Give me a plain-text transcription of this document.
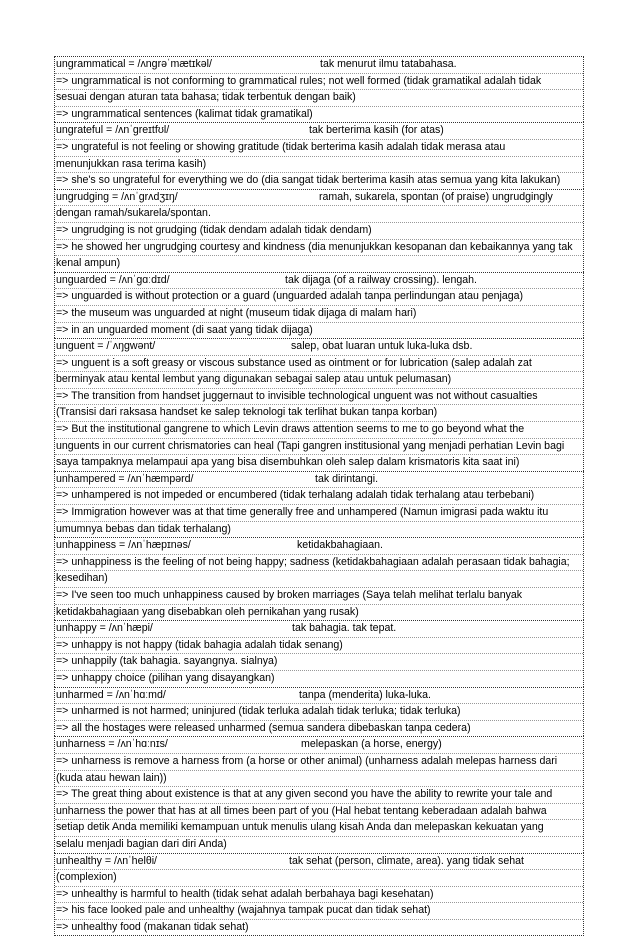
ungrammatical = /ʌnɡrəˈmætɪkəl/	tak menurut ilmu tatabahasa.
=> ungrammatical is not conforming to grammatical rules; not well formed (tidak gramatikal adalah tidak
sesuai dengan aturan tata bahasa; tidak terbentuk dengan baik)
=> ungrammatical sentences (kalimat tidak gramatikal)
ungrateful = /ʌnˈɡreɪtfʊl/	tak berterima kasih (for atas)
=> ungrateful is not feeling or showing gratitude (tidak berterima kasih adalah tidak merasa atau
menunjukkan rasa terima kasih)
=> she's so ungrateful for everything we do (dia sangat tidak berterima kasih atas semua yang kita lakukan)
ungrudging = /ʌnˈɡrʌdʒɪŋ/	ramah, sukarela, spontan (of praise) ungrudgingly
dengan ramah/sukarela/spontan.
=> ungrudging is not grudging (tidak dendam adalah tidak dendam)
=> he showed her ungrudging courtesy and kindness (dia menunjukkan kesopanan dan kebaikannya yang tak
kenal ampun)
unguarded = /ʌnˈɡɑːdɪd/	tak dijaga (of a railway crossing). lengah.
=> unguarded is without protection or a guard (unguarded adalah tanpa perlindungan atau penjaga)
=> the museum was unguarded at night (museum tidak dijaga di malam hari)
=> in an unguarded moment (di saat yang tidak dijaga)
unguent = /ˈʌŋɡwənt/	salep, obat luaran untuk luka-luka dsb.
=> unguent is a soft greasy or viscous substance used as ointment or for lubrication (salep adalah zat
berminyak atau kental lembut yang digunakan sebagai salep atau untuk pelumasan)
=> The transition from handset juggernaut to invisible technological unguent was not without casualties
(Transisi dari raksasa handset ke salep teknologi tak terlihat bukan tanpa korban)
=> But the institutional gangrene to which Levin draws attention seems to me to go beyond what the
unguents in our current chrismatories can heal (Tapi gangren institusional yang menjadi perhatian Levin bagi
saya tampaknya melampaui apa yang bisa disembuhkan oleh salep dalam krismatoris kita saat ini)
unhampered = /ʌnˈhæmpərd/	tak dirintangi.
=> unhampered is not impeded or encumbered (tidak terhalang adalah tidak terhalang atau terbebani)
=> Immigration however was at that time generally free and unhampered (Namun imigrasi pada waktu itu
umumnya bebas dan tidak terhalang)
unhappiness = /ʌnˈhæpɪnəs/	ketidakbahagiaan.
=> unhappiness is the feeling of not being happy; sadness (ketidakbahagiaan adalah perasaan tidak bahagia;
kesedihan)
=> I've seen too much unhappiness caused by broken marriages (Saya telah melihat terlalu banyak
ketidakbahagiaan yang disebabkan oleh pernikahan yang rusak)
unhappy = /ʌnˈhæpi/	tak bahagia. tak tepat.
=> unhappy is not happy (tidak bahagia adalah tidak senang)
=> unhappily (tak bahagia. sayangnya. sialnya)
=> unhappy choice (pilihan yang disayangkan)
unharmed = /ʌnˈhɑːmd/	tanpa (menderita) luka-luka.
=> unharmed is not harmed; uninjured (tidak terluka adalah tidak terluka; tidak terluka)
=> all the hostages were released unharmed (semua sandera dibebaskan tanpa cedera)
unharness = /ʌnˈhɑːnɪs/	melepaskan (a horse, energy)
=> unharness is remove a harness from (a horse or other animal) (unharness adalah melepas harness dari
(kuda atau hewan lain))
=> The great thing about existence is that at any given second you have the ability to rewrite your tale and
unharness the power that has at all times been part of you (Hal hebat tentang keberadaan adalah bahwa
setiap detik Anda memiliki kemampuan untuk menulis ulang kisah Anda dan melepaskan kekuatan yang
selalu menjadi bagian dari diri Anda)
unhealthy = /ʌnˈhelθi/	tak sehat (person, climate, area). yang tidak sehat
(complexion)
=> unhealthy is harmful to health (tidak sehat adalah berbahaya bagi kesehatan)
=> his face looked pale and unhealthy (wajahnya tampak pucat dan tidak sehat)
=> unhealthy food (makanan tidak sehat)
